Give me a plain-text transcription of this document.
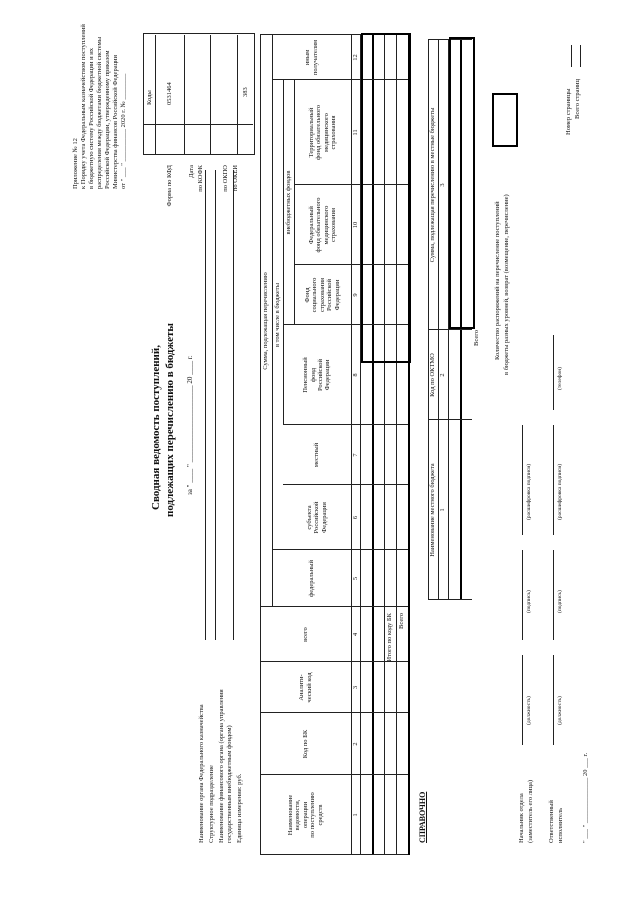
Приложение № 12 к Порядку учета Федеральным казначейством поступлений в бюджетную систему Российской Федерации и их распределения между бюджетами бюджетной системы Российской Федерации, утвержденному приказом Министерства финансов Российской Федерации от " ___ " __________ 2020 г. № ________
Сводная ведомость поступлений, подлежащих перечислению в бюджеты за " ____ " ______________________ 20 ____ г.
Коды 0531464	383
Форма по КФД Дата по КОФК	по ОКПО по ОКЕИ
Наименование органа Федерального казначейства Структурное подразделение Наименование финансового органа (органа управления государственным внебюджетным фондом) Единица измерения: руб.
Сумма, подлежащая перечислению в том числе в бюджеты
внебюджетных фондов
Наименование
ведомости,
операции
по поступлению
средств
Код по БК
Аналити-
ческий код
всего
федеральный
субъекта
Российской
Федерации
местный
Пенсионный
фонд
Российской
Федерации
Фонд
социального
страхования
Российской
Федерации
Федеральный
фонд обязательного
медицинского
страхования
Территориальный
фонд обязательного
медицинского
страхования
иным
получателям
1
2
3
4
5
6
7
8
9
10
11
12
Итого по коду БК Всего
СПРАВОЧНО
Наименование местного бюджета
Код по ОКТМО
Сумма, подлежащая перечислению в местные бюджеты
1
2
3
Всего Количество распоряжений на перечисление поступлений в бюджеты разных уровней, возврат (возмещение, перечисление)
Начальник отдела (заместитель его лица)
(должность)
(подпись)
(расшифровка подписи)
Ответственный исполнитель
(должность)
(подпись)
(расшифровка подписи)
(телефон)
" ___ " ______________ 20 ___ г.
Номер страницы Всего страниц
